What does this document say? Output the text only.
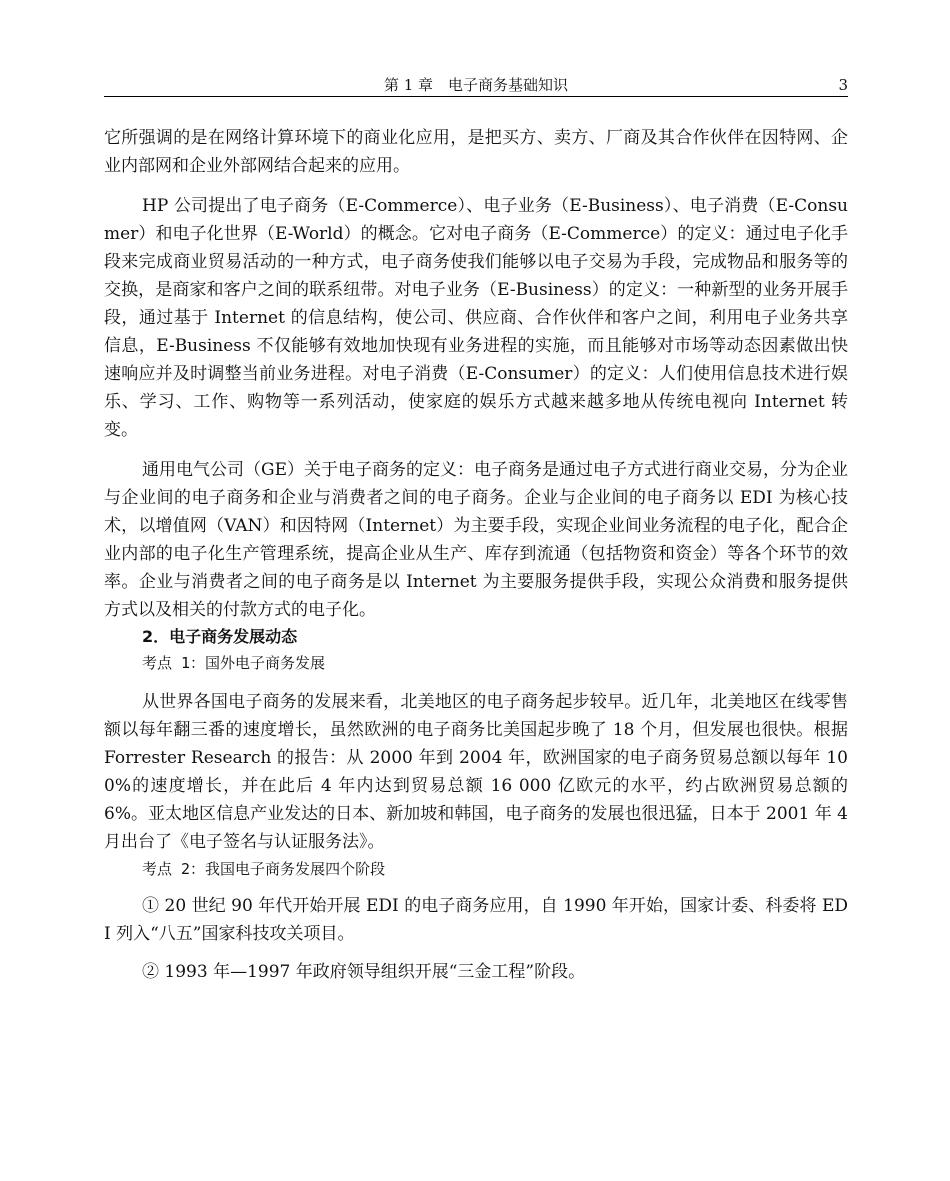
第 1 章　电子商务基础知识	3

它所强调的是在网络计算环境下的商业化应用，是把买方、卖方、厂商及其合作伙伴在因特网、企业内部网和企业外部网结合起来的应用。

HP 公司提出了电子商务（E-Commerce）、电子业务（E-Business）、电子消费（E-Consumer）和电子化世界（E-World）的概念。它对电子商务（E-Commerce）的定义：通过电子化手段来完成商业贸易活动的一种方式，电子商务使我们能够以电子交易为手段，完成物品和服务等的交换，是商家和客户之间的联系纽带。对电子业务（E-Business）的定义：一种新型的业务开展手段，通过基于 Internet 的信息结构，使公司、供应商、合作伙伴和客户之间，利用电子业务共享信息，E-Business 不仅能够有效地加快现有业务进程的实施，而且能够对市场等动态因素做出快速响应并及时调整当前业务进程。对电子消费（E-Consumer）的定义：人们使用信息技术进行娱乐、学习、工作、购物等一系列活动，使家庭的娱乐方式越来越多地从传统电视向 Internet 转变。

通用电气公司（GE）关于电子商务的定义：电子商务是通过电子方式进行商业交易，分为企业与企业间的电子商务和企业与消费者之间的电子商务。企业与企业间的电子商务以 EDI 为核心技术，以增值网（VAN）和因特网（Internet）为主要手段，实现企业间业务流程的电子化，配合企业内部的电子化生产管理系统，提高企业从生产、库存到流通（包括物资和资金）等各个环节的效率。企业与消费者之间的电子商务是以 Internet 为主要服务提供手段，实现公众消费和服务提供方式以及相关的付款方式的电子化。

2．电子商务发展动态

考点 1：国外电子商务发展

从世界各国电子商务的发展来看，北美地区的电子商务起步较早。近几年，北美地区在线零售额以每年翻三番的速度增长，虽然欧洲的电子商务比美国起步晚了 18 个月，但发展也很快。根据 Forrester Research 的报告：从 2000 年到 2004 年，欧洲国家的电子商务贸易总额以每年 100%的速度增长，并在此后 4 年内达到贸易总额 16 000 亿欧元的水平，约占欧洲贸易总额的 6%。亚太地区信息产业发达的日本、新加坡和韩国，电子商务的发展也很迅猛，日本于 2001 年 4 月出台了《电子签名与认证服务法》。

考点 2：我国电子商务发展四个阶段

① 20 世纪 90 年代开始开展 EDI 的电子商务应用，自 1990 年开始，国家计委、科委将 EDI 列入“八五”国家科技攻关项目。

② 1993 年—1997 年政府领导组织开展“三金工程”阶段。
